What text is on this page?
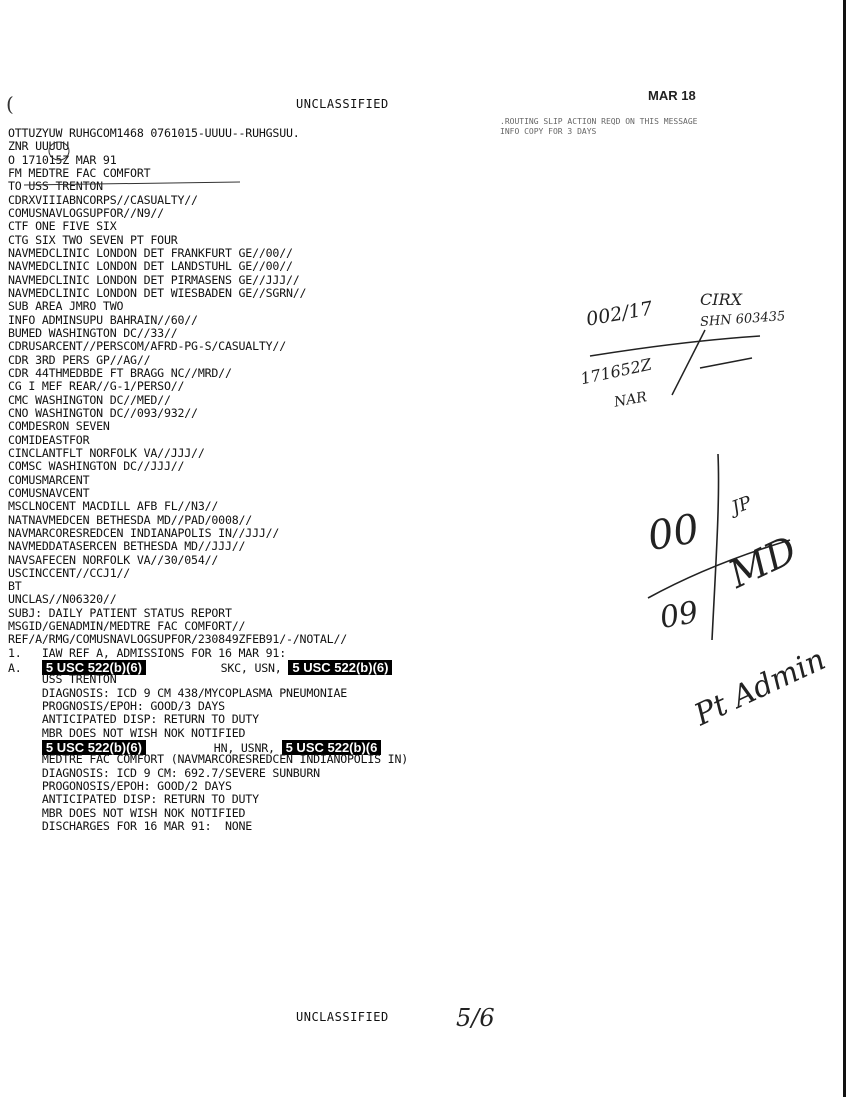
UNCLASSIFIED
(	MAR 18
.ROUTING SLIP ACTION REQD ON THIS MESSAGE
INFO COPY FOR 3 DAYS
OTTUZYUW RUHGCOM1468 0761015-UUUU--RUHGSUU.
ZNR UUUUU
O 171015Z MAR 91
FM MEDTRE FAC COMFORT
TO USS TRENTON
CDRXVIIIABNCORPS//CASUALTY//
COMUSNAVLOGSUPFOR//N9//
CTF ONE FIVE SIX
CTG SIX TWO SEVEN PT FOUR
NAVMEDCLINIC LONDON DET FRANKFURT GE//00//
NAVMEDCLINIC LONDON DET LANDSTUHL GE//00//
NAVMEDCLINIC LONDON DET PIRMASENS GE//JJJ//
NAVMEDCLINIC LONDON DET WIESBADEN GE//SGRN//
SUB AREA JMRO TWO
INFO ADMINSUPU BAHRAIN//60//
BUMED WASHINGTON DC//33//
CDRUSARCENT//PERSCOM/AFRD-PG-S/CASUALTY//
CDR 3RD PERS GP//AG//
CDR 44THMEDBDE FT BRAGG NC//MRD//
CG I MEF REAR//G-1/PERSO//
CMC WASHINGTON DC//MED//
CNO WASHINGTON DC//093/932//
COMDESRON SEVEN
COMIDEASTFOR
CINCLANTFLT NORFOLK VA//JJJ//
COMSC WASHINGTON DC//JJJ//
COMUSMARCENT
COMUSNAVCENT
MSCLNOCENT MACDILL AFB FL//N3//
NATNAVMEDCEN BETHESDA MD//PAD/0008//
NAVMARCORESREDCEN INDIANAPOLIS IN//JJJ//
NAVMEDDATASERCEN BETHESDA MD//JJJ//
NAVSAFECEN NORFOLK VA//30/054//
USCINCCENT//CCJ1//
BT
UNCLAS//N06320//
SUBJ: DAILY PATIENT STATUS REPORT
MSGID/GENADMIN/MEDTRE FAC COMFORT//
REF/A/RMG/COMUSNAVLOGSUPFOR/230849ZFEB91/-/NOTAL//
1.   IAW REF A, ADMISSIONS FOR 16 MAR 91:
A.   5 USC 522(b)(6)           SKC, USN, 5 USC 522(b)(6)
USS TRENTON
DIAGNOSIS: ICD 9 CM 438/MYCOPLASMA PNEUMONIAE
PROGNOSIS/EPOH: GOOD/3 DAYS
ANTICIPATED DISP: RETURN TO DUTY
MBR DOES NOT WISH NOK NOTIFIED
5 USC 522(b)(6)          HN, USNR, 5 USC 522(b)(6
MEDTRE FAC COMFORT (NAVMARCORESREDCEN INDIANOPOLIS IN)
DIAGNOSIS: ICD 9 CM: 692.7/SEVERE SUNBURN
PROGONOSIS/EPOH: GOOD/2 DAYS
ANTICIPATED DISP: RETURN TO DUTY
MBR DOES NOT WISH NOK NOTIFIED
DISCHARGES FOR 16 MAR 91:  NONE
UNCLASSIFIED
002/17	CIRX
SHN 603435
171652Z
NAR
00
09
MD
JP
Pt Admin
5/6
